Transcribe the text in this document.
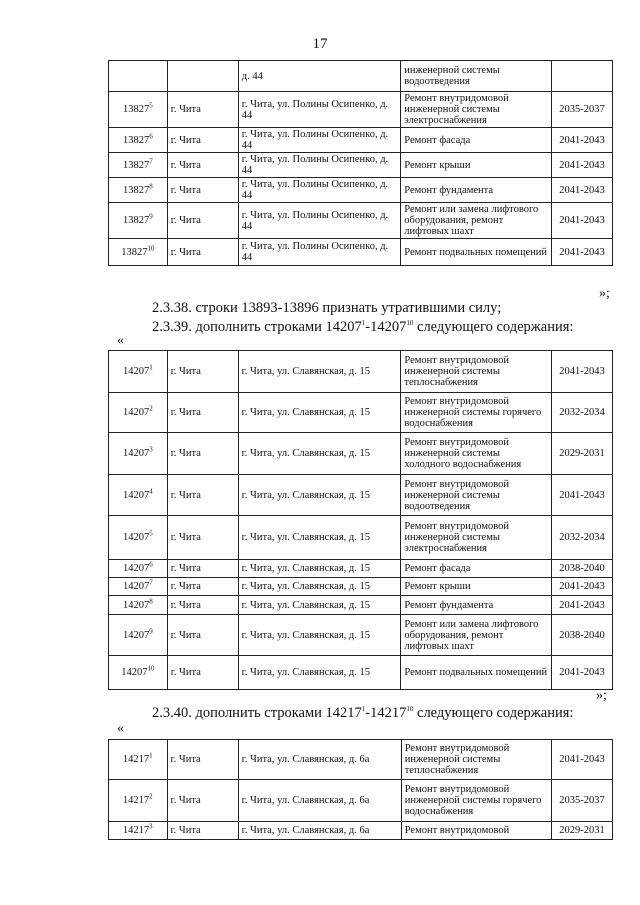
17
		д. 44	инженерной системы водоотведения	
13827$^5$	г. Чита	г. Чита, ул. Полины Осипенко, д. 44	Ремонт внутридомовой инженерной системы электроснабжения	2035-2037
13827$^6$	г. Чита	г. Чита, ул. Полины Осипенко, д. 44	Ремонт фасада	2041-2043
13827$^7$	г. Чита	г. Чита, ул. Полины Осипенко, д. 44	Ремонт крыши	2041-2043
13827$^8$	г. Чита	г. Чита, ул. Полины Осипенко, д. 44	Ремонт фундамента	2041-2043
13827$^9$	г. Чита	г. Чита, ул. Полины Осипенко, д. 44	Ремонт или замена лифтового оборудования, ремонт лифтовых шахт	2041-2043
13827$^{10}$	г. Чита	г. Чита, ул. Полины Осипенко, д. 44	Ремонт подвальных помещений	2041-2043
»;
2.3.38. строки 13893-13896 признать утратившими силу;
2.3.39. дополнить строками 14207$^1$-14207$^{10}$ следующего содержания:
«
14207$^1$	г. Чита	г. Чита, ул. Славянская, д. 15	Ремонт внутридомовой инженерной системы теплоснабжения	2041-2043
14207$^2$	г. Чита	г. Чита, ул. Славянская, д. 15	Ремонт внутридомовой инженерной системы горячего водоснабжения	2032-2034
14207$^3$	г. Чита	г. Чита, ул. Славянская, д. 15	Ремонт внутридомовой инженерной системы холодного водоснабжения	2029-2031
14207$^4$	г. Чита	г. Чита, ул. Славянская, д. 15	Ремонт внутридомовой инженерной системы водоотведения	2041-2043
14207$^5$	г. Чита	г. Чита, ул. Славянская, д. 15	Ремонт внутридомовой инженерной системы электроснабжения	2032-2034
14207$^6$	г. Чита	г. Чита, ул. Славянская, д. 15	Ремонт фасада	2038-2040
14207$^7$	г. Чита	г. Чита, ул. Славянская, д. 15	Ремонт крыши	2041-2043
14207$^8$	г. Чита	г. Чита, ул. Славянская, д. 15	Ремонт фундамента	2041-2043
14207$^9$	г. Чита	г. Чита, ул. Славянская, д. 15	Ремонт или замена лифтового оборудования, ремонт лифтовых шахт	2038-2040
14207$^{10}$	г. Чита	г. Чита, ул. Славянская, д. 15	Ремонт подвальных помещений	2041-2043
»;
2.3.40. дополнить строками 14217$^1$-14217$^{10}$ следующего содержания:
«
14217$^1$	г. Чита	г. Чита, ул. Славянская, д. 6а	Ремонт внутридомовой инженерной системы теплоснабжения	2041-2043
14217$^2$	г. Чита	г. Чита, ул. Славянская, д. 6а	Ремонт внутридомовой инженерной системы горячего водоснабжения	2035-2037
14217$^3$	г. Чита	г. Чита, ул. Славянская, д. 6а	Ремонт внутридомовой	2029-2031
